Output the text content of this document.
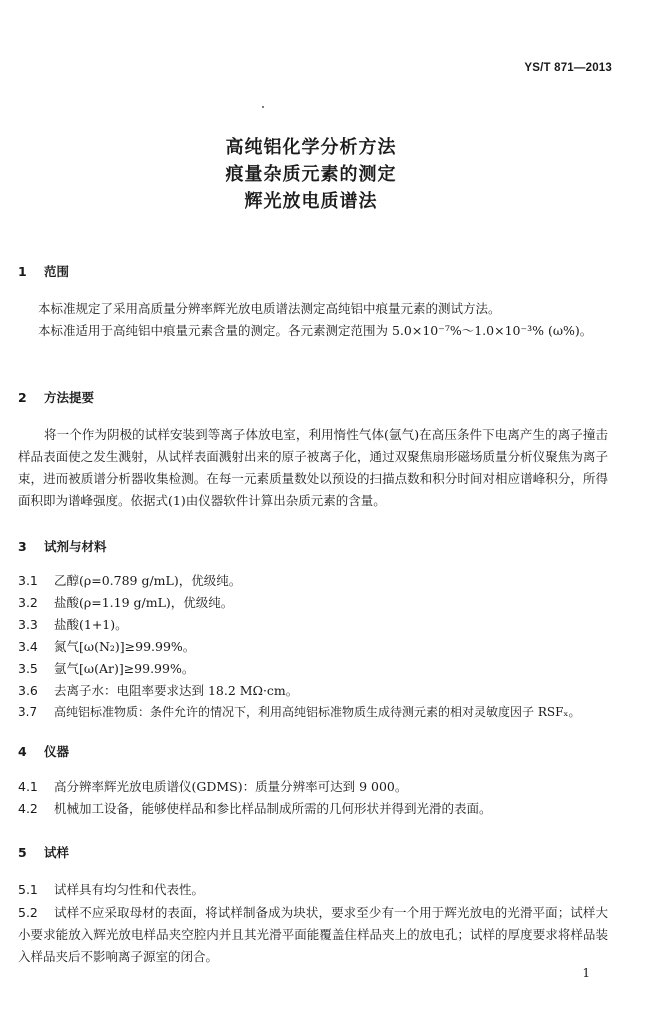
YS/T 871—2013
高纯铝化学分析方法
痕量杂质元素的测定
辉光放电质谱法
1 范围
本标准规定了采用高质量分辨率辉光放电质谱法测定高纯铝中痕量元素的测试方法。
本标准适用于高纯铝中痕量元素含量的测定。各元素测定范围为 5.0×10⁻⁷%～1.0×10⁻³% (ω%)。
2 方法提要
将一个作为阴极的试样安装到等离子体放电室，利用惰性气体(氩气)在高压条件下电离产生的离子撞击样品表面使之发生溅射，从试样表面溅射出来的原子被离子化，通过双聚焦扇形磁场质量分析仪聚焦为离子束，进而被质谱分析器收集检测。在每一元素质量数处以预设的扫描点数和积分时间对相应谱峰积分，所得面积即为谱峰强度。依据式(1)由仪器软件计算出杂质元素的含量。
3 试剂与材料
3.1 乙醇(ρ=0.789 g/mL)，优级纯。
3.2 盐酸(ρ=1.19 g/mL)，优级纯。
3.3 盐酸(1+1)。
3.4 氮气[ω(N₂)]≥99.99%。
3.5 氩气[ω(Ar)]≥99.99%。
3.6 去离子水：电阻率要求达到 18.2 MΩ·cm。
3.7 高纯铝标准物质：条件允许的情况下，利用高纯铝标准物质生成待测元素的相对灵敏度因子 RSFₓ。
4 仪器
4.1 高分辨率辉光放电质谱仪(GDMS)：质量分辨率可达到 9 000。
4.2 机械加工设备，能够使样品和参比样品制成所需的几何形状并得到光滑的表面。
5 试样
5.1 试样具有均匀性和代表性。
5.2 试样不应采取母材的表面，将试样制备成为块状，要求至少有一个用于辉光放电的光滑平面；试样大小要求能放入辉光放电样品夹空腔内并且其光滑平面能覆盖住样品夹上的放电孔；试样的厚度要求将样品装入样品夹后不影响离子源室的闭合。
1
